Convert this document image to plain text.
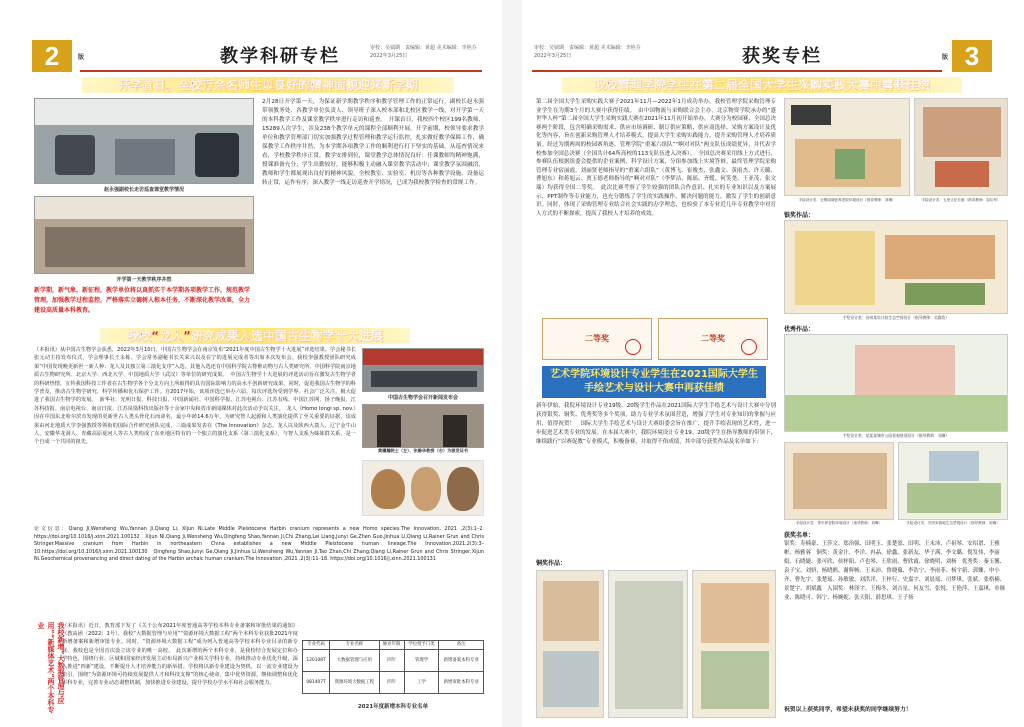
2	版	教学科研专栏	审校：吴钺瑚　责编辑：黄超 美术编辑：李艳芬　2022年3月25日
开学首日，全校万余名师生以良好的精神面貌迎来新学期
赵永强副校长走访巡查课堂教学情况
开学第一天教学秩序井然
新学期，新气象，新征程，教学单位将以真抓实干本学期各项教学工作，规范教学管理，加强教学过程监控，严格落实立德树人根本任务，不断深化教学改革，全力建设高质量本科教育。
2月28日开学第一天，为保证新学期教学秩序和教学管理工作的正常运行，副校长赵永强带领教务处、各教学单位负责人、领导班子深入校本部和北校区教学一线，对开学第一天的本科教学工作及课堂教学秩序进行走访和巡查。　开课首日，我校四个校区199名教师、15289人次学生，涉及238个教学单元的课程全部顺利开展。开学前期，校领导要求教学单位和教学管理部门切实加强教学过程管理和教学运行监控，扎实做好教学保障工作，确保教学工作秩序井然，为本学期各项教学工作的顺利进行打下坚实的基础。从巡查情况来看，学校教学秩序正常，教学安排到位，课堂教学总体情况良好：任课教师均精神饱满，授课准备充分；学生出勤较好，能够积极主动融入课堂教学活动中；课堂教学氛围融洽，教师和学生都展现出良好的精神风貌。全校教室、实验室、机房等各种教学设施、设备运转正常，运作有序，深入教学一线走访巡查开学情况，已成为我校教学检查的常规工作。
我校“龙人”研究成果入选中国古生物学十大进展
（本报讯）从中国古生物学会获悉，2022年3月10日，中国古生物学会在南京发布“2021年度中国古生物学十大进展”评选结果。学会秘书长张元动主持发布仪式，学会理事长王永栋、学会常务副秘书长关荣兴以及在宁的进展完成者等出席本次发布会。我校李强教授团队研究成果“中国发现晚更新世一新人种：龙人及其独立第三演化支序”入选。其他入选还有中国科学院古脊椎动物与古人类研究所、中国科学院南京地质古生物研究所、北京大学、西北大学、中国地质大学（武汉）等单位的研究成果。　中国古生物学十大进展的评选活动旨在激发古生物学者的科研热情，宣传我国科技工作者在古生物学各个分支方向上所取得的具有国际影响力的高水平创新研究成果，同时，促进我国古生物学的科学普及，推动古生物学研究、科学传播和化石保护工作。自2017年始，该项评选已举办六届，每次评选均受到学界、社会广泛关注，极大促进了我国古生物学的发展。　新华社、光明日报、科技日报、中国新闻社、中国科学报、江苏电视台、江苏有线、中国江苏网、扬子晚报、江苏科技报、南京电视台、南京日报、江苏凤凰科技出版社等十余家中央和省市新闻媒体对此次活动予以关注。　龙人（Homo longi sp. nov.）因在中国东北哈尔滨市发现的更新世古人类头骨化石而命名，最小年龄14.6万年，为研究智人起源和人类演化提供了至关重要的证据，该成果由河北地质大学李强教授等领衔的国际合作研究团队完成，三篇成果发表在《The Innovation》杂志。龙人以及陕西大荔人、辽宁金牛山人、安徽华龙洞人、青藏高原夏河人等古人类构成了东亚地区特有的一个独立的演化支系（第三演化支系），与智人支系为姊妹群关系，是一个自成一个共同的祖先。
中国古生物学会召开新闻发布会
黄骧瀚院士（左）、张静华教授（右）为颁发证书
论文信息：Qiang Ji,Wensheng Wu,Yannan Ji,Qiang Li, Xijun Ni.Late Middle Pleistocene Harbin cranium represents a new Homo species.The Innovation, 2021 ,2(3):1–2. https://doi.org/10.1016/j.xinn.2021.100132　Xijun Ni,Qiang Ji,Wensheng Wu,Qingfeng Shao,Yannan Ji,Chi Zhang,Lei Liang,Junyi Ge,Zhen Guo,Jinhua Li,Qiang Li,Rainer Grun and Chris Stringer.Massive cranium from Harbin in northeastern China establishes a new Middle Pleistocene human lineage.The Innovation,2021,2(3):3–10.https://doi.org/10.1016/j.xinn.2021.100130　Qingfeng Shao,Junyi Ge,Qiang Ji,Jinhua Li,Wensheng Wu,Yannan Ji,Tao Zhan,Chi Zhang,Qiang Li,Rainer Grun and Chris Stringer,Xijun Ni.Geochemical provenancing and direct dating of the Harbin archaic human cranium.The Innovation ,2021 ,2(3):11–18. https://doi.org/10.1016/j.xinn.2021.100131
我校新增“大数据管理与应用”“新媒体艺术”两个本科专业	（本报讯）近日，教育部下发了《关于公布2021年度普通高等学校本科专业备案和审批结果的通知》（教高函〔2022〕1号），我校“大数据管理与应用”“资源环境大数据工程”两个本科专业获批2021年度新增备案和新增审批专业。同时，“资源环境大数据工程”成为列入普通高等学校本科专业目录的新专业，我校也是全国首次设立该专业的唯一高校。　此次新增的两个本科专业，是我校结合发展定位和办学特色，围绕行业、区域和国家经济发展主动布局新兴产业相关学科专业，持续推动专业优化升级，深入推进“四新”建设，不断提升人才培养能力的新举措。学校将以新专业建设为契机，以一流专业建设为牵引，围绕“为资源环境可持续发展提供人才和科技支撑”的核心使命，集中优势资源，继续调整和优化本科专业，完善专业动态调整机制，加快推进专业建设，提升学校办学水平和社会服务能力。
专业代码	专业名称	修业年限	学位授予门类	备注
120108T	大数据管理与应用	四年	管理学	新增备案本科专业
081407T	资源环境大数据工程	四年	工学	新增审批本科专业
2021年度新增本科专业名单
3
版
审校：吴钺瑚　责编辑：黄超 美术编辑：李艳芬　2022年3月25日	获奖专栏
我校管理学院学生在第二届全国大学生采购实践大赛中喜获佳绩
第二届全国大学生采购实践大赛于2021年11月—2022年1月成功举办，我校管理学院采购管理专业学生在为期3个月的大赛中获得佳绩。　由中国物流与采购联合会主办，北京物资学院承办的“盛世华人杯”第二届全国大学生采购实践大赛在2021年11月初开始举办，大赛分为校园赛、全国总决赛两个阶段，包含明确采购需求、供应市场调研、制订供应策略、供应商选择、采购方案设计及优化等内容，旨在创新采购管理人才培养模式，提高大学生采购实践能力，提升采购管理人才培养质量。经过为期两周的校园赛角逐，管理学院“重案六组队”“啊对对队”两支队伍成绩优异，并代表学校参加全国总决赛（全国共计64所高校的113支队伍进入决赛）。　全国总决赛采用线上方式进行，参赛队伍根据组委会提供的企业案例，科学设计方案，分组参加线上实境答辩。最终管理学院采购管理专业宿丽霞、刘丽贤老师指导的“重案六组队”（黄博飞、崔俊杰、张鑫文、黄雨杰、许天璐、曹旭东）和蒋旭云、贾玉德老师指导的“啊对对队”（李梦洁、陈瑶、齐嫒、何笑尧、王亚茂、张文瑞）均获得全国二等奖。　此次比赛考察了学生较强的团队合作意识、扎实的专业知识以及方案展示、PPT制作等专业能力，也充分锻炼了学生的实践操作、解决问题的能力，激发了学生的创新意识。同时，体现了采购管理专业结合社会实践的办学理念，也检验了本专业近几年专业教学中对育人方式的不断探索，提高了我校人才培养的成效。
手绘设计类：无锡南城营养老院环境设计（指导教师：刘琳）	手绘设计类：五里文化长廊（指导教师：周尔军）
银奖作品：
手绘设计类：苏州某设计院生态空间设计（指导教师：吴雅欣）
二等奖	二等奖
优秀作品：
手绘设计类：某某某城市公园景观规划设计（指导教师：刘琳）
艺术学院环境设计专业学生在2021国际大学生手绘艺术与设计大赛中再获佳绩
新年伊始，我院环境设计专业19级、20级学生作品在2021国际大学生手绘艺术与设计大赛中分别获得银奖、铜奖、优秀奖等多个奖项，助力专业学术氛围营造，增强了学生对专业知识的掌握与应用，值得祝贺！　国际大学生手绘艺术与设计大赛组委会旨在推广、提升手绘表现的艺术性，进一步促进艺术类专业的发展。在本届大赛中，我院环境设计专业19、20级学生在指导教师的带领下，继续践行“以赛促教”专业模式，积极备赛，并取得不俗成绩，其中部分获奖作品及名单如下：
手绘设计类：青年养老院环境设计（指导教师：刘琳）	手绘设计类：苏州宋源地生态景观设计（指导教师：刘琳）
铜奖作品：
获奖名单：
银奖：寿楠豪、王莎文、郑治强、田明玉、张楚盈、田明、王未沛、卢祖琴、安绍谱、王雅彬、杨雅蓉　铜奖：黄金汁、李洋、冉晶、徐鑫、张新友、华子满、李文璐、倪发伟、李丽娟、石晓婕、张可欣、侯梓阳、卢也琴、王欣雨、曹欣霞、徐晓明、刘杨　优秀奖：秦玉馨、袁子宝、刘妍、杨晓鸥、谢辉畅、王未沛、鲁晓薇、李浩宁、李雨菲、杨宇新、郭姗、申小齐、曹先宇、张楚瑶、孙敏敏、刘洪洋、王梓行、史嘉宇、刘晨瑶、司梦琪、张斌、张格楠、景楚宇、胡斌鑫　入围奖：林泽宇、王梅冬、刘吉星、何友雪、张悦、王艳萍、王嘉琪、单继业、陈晓可、韩宁、杨婉妮、张天阳、薛思琪、王子扬
祝贺以上获奖同学，希望未获奖的同学继续努力！
